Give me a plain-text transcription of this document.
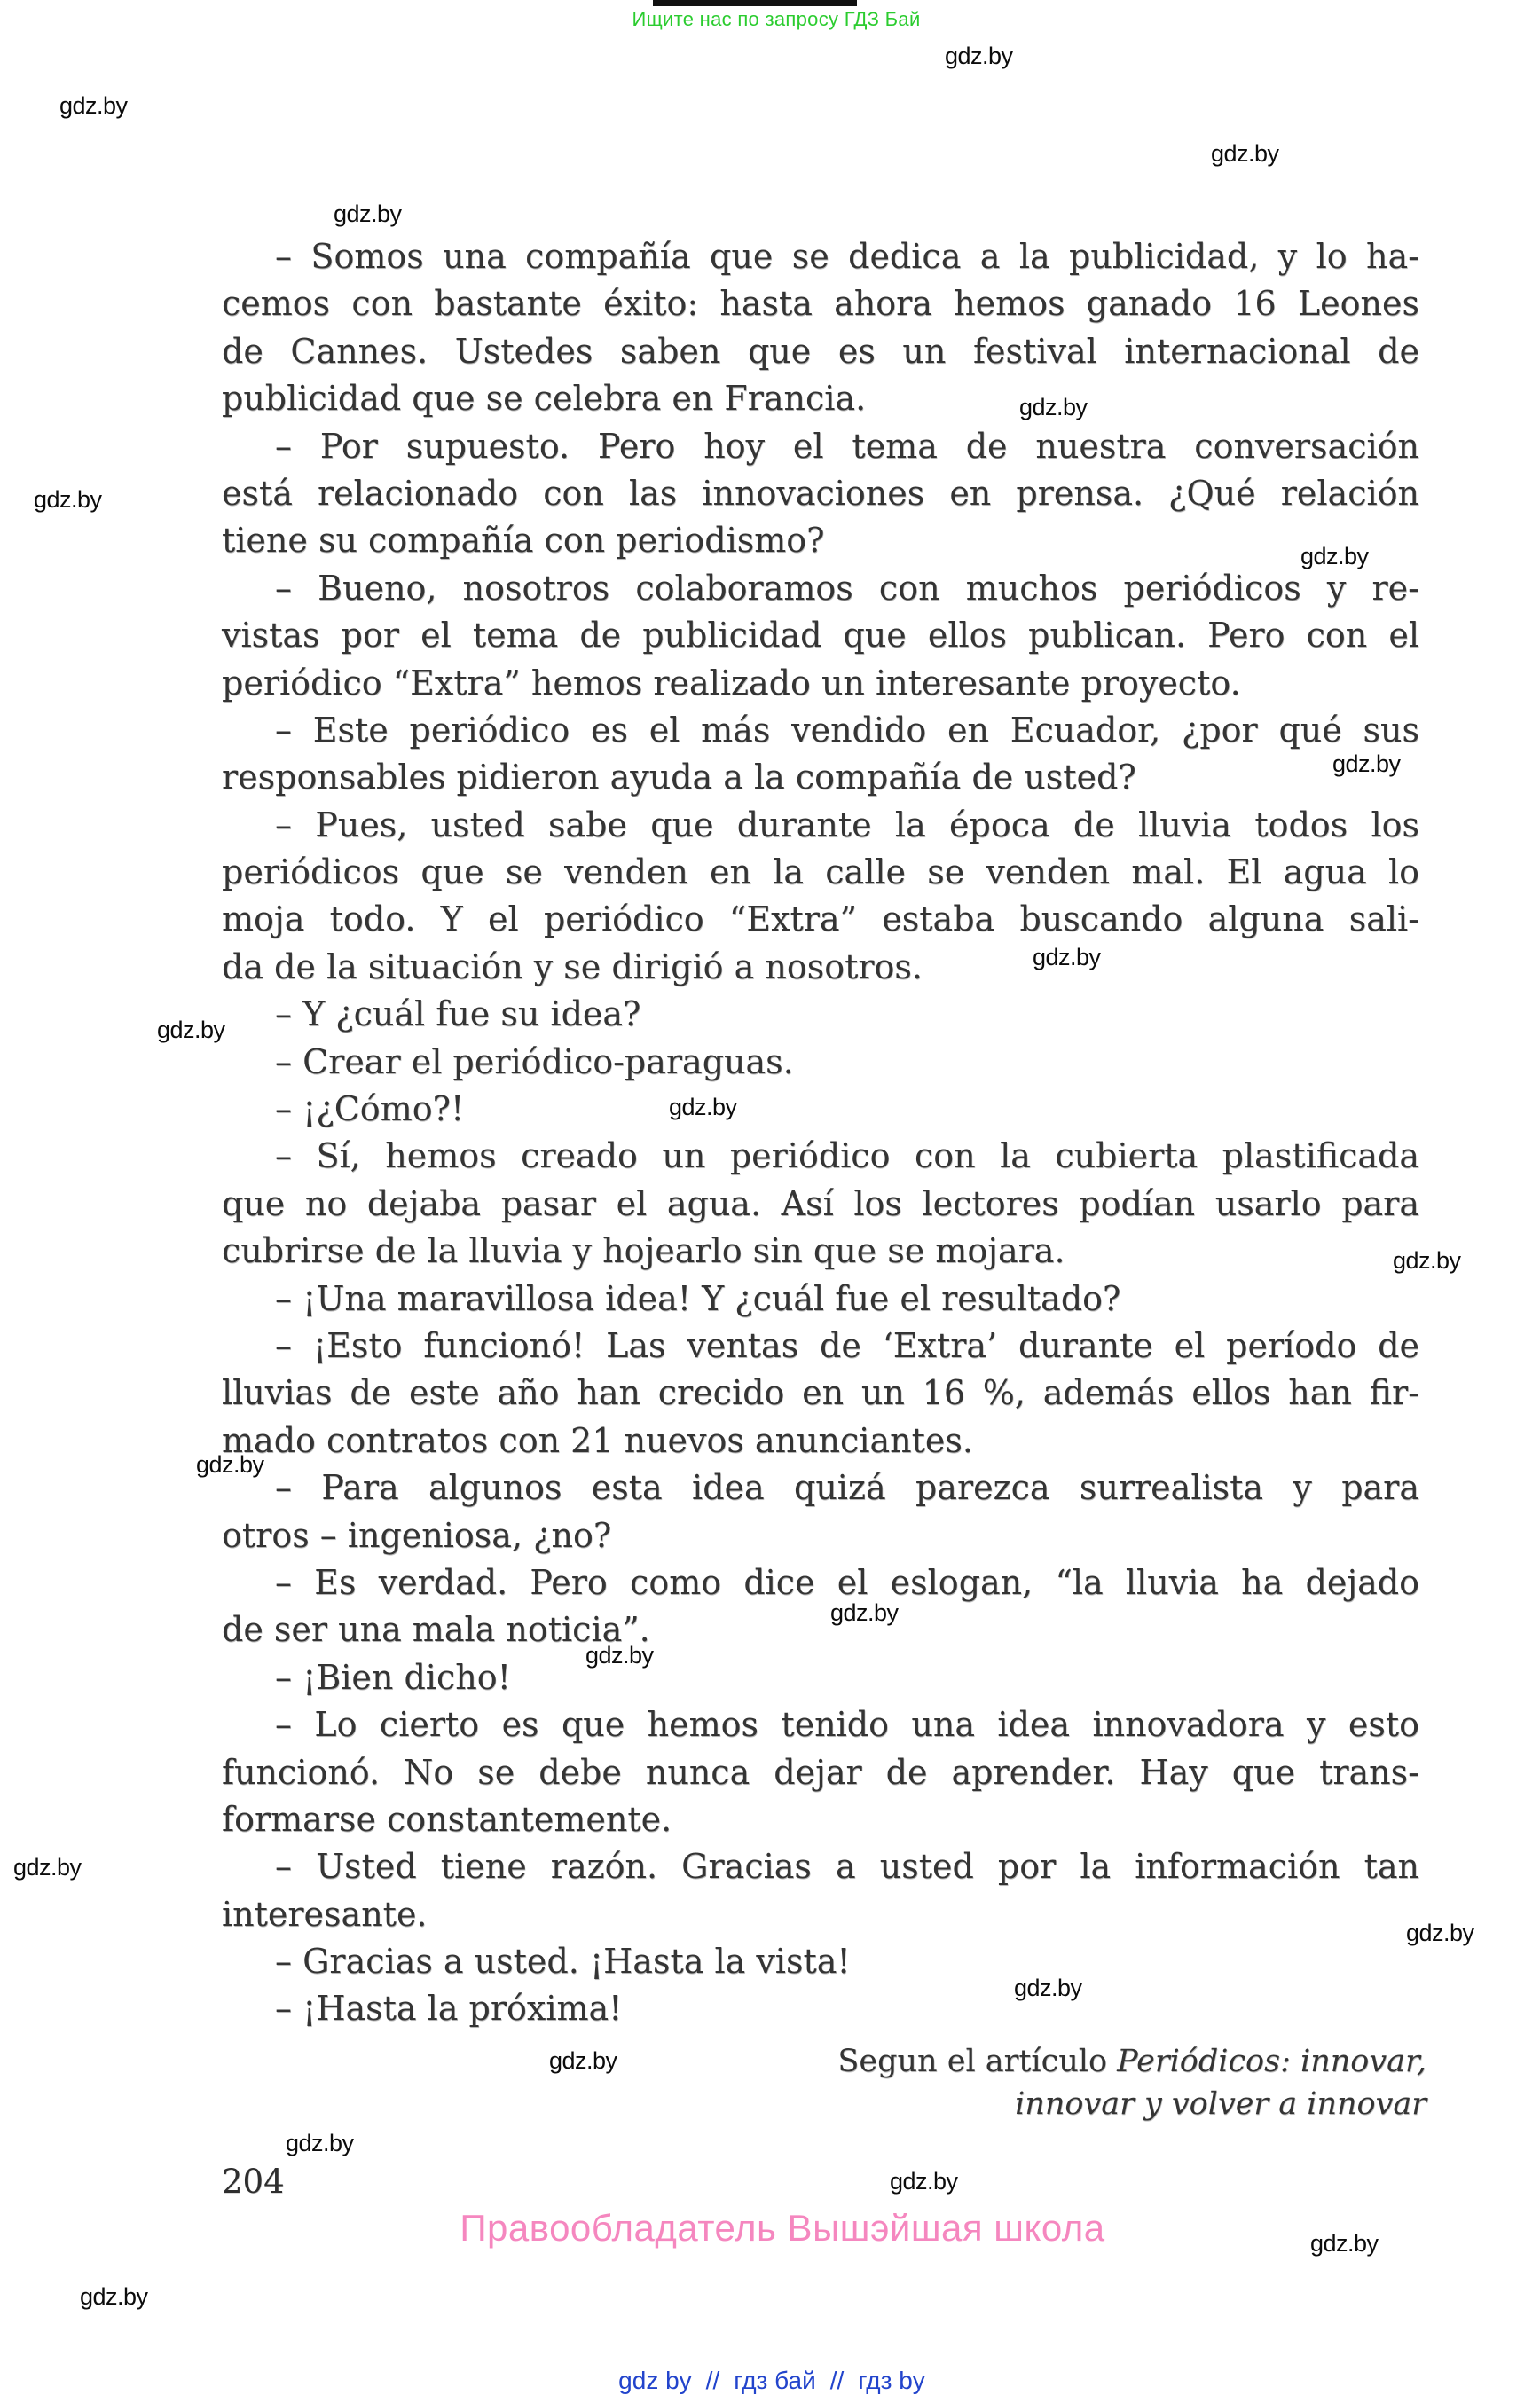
Ищите нас по запросу ГДЗ Бай
gdz.by
gdz.by
gdz.by
gdz.by
gdz.by
gdz.by
gdz.by
gdz.by
gdz.by
gdz.by
gdz.by
gdz.by
gdz.by
gdz.by
gdz.by
gdz.by
gdz.by
gdz.by
gdz.by
gdz.by
gdz.by
gdz.by
gdz.by
– Somos una compañía que se dedica a la publicidad, y lo ha-
cemos con bastante éxito: hasta ahora hemos ganado 16 Leones
de Cannes. Ustedes saben que es un festival internacional de
publicidad que se celebra en Francia.
– Por supuesto. Pero hoy el tema de nuestra conversación
está relacionado con las innovaciones en prensa. ¿Qué relación
tiene su compañía con periodismo?
– Bueno, nosotros colaboramos con muchos periódicos y re-
vistas por el tema de publicidad que ellos publican. Pero con el
periódico “Extra” hemos realizado un interesante proyecto.
– Este periódico es el más vendido en Ecuador, ¿por qué sus
responsables pidieron ayuda a la compañía de usted?
– Pues, usted sabe que durante la época de lluvia todos los
periódicos que se venden en la calle se venden mal. El agua lo
moja todo. Y el periódico “Extra” estaba buscando alguna sali-
da de la situación y se dirigió a nosotros.
– Y ¿cuál fue su idea?
– Crear el periódico-paraguas.
– ¡¿Cómo?!
– Sí, hemos creado un periódico con la cubierta plastificada
que no dejaba pasar el agua. Así los lectores podían usarlo para
cubrirse de la lluvia y hojearlo sin que se mojara.
– ¡Una maravillosa idea! Y ¿cuál fue el resultado?
– ¡Esto funcionó! Las ventas de ‘Extra’ durante el período de
lluvias de este año han crecido en un 16 %, además ellos han fir-
mado contratos con 21 nuevos anunciantes.
– Para algunos esta idea quizá parezca surrealista y para
otros – ingeniosa, ¿no?
– Es verdad. Pero como dice el eslogan, “la lluvia ha dejado
de ser una mala noticia”.
– ¡Bien dicho!
– Lo cierto es que hemos tenido una idea innovadora y esto
funcionó. No se debe nunca dejar de aprender. Hay que trans-
formarse constantemente.
– Usted tiene razón. Gracias a usted por la información tan
interesante.
– Gracias a usted. ¡Hasta la vista!
– ¡Hasta la próxima!
Segun el artículo Periódicos: innovar,
innovar y volver a innovar
204
Правообладатель Вышэйшая школа
gdz by // гдз бай // гдз by
